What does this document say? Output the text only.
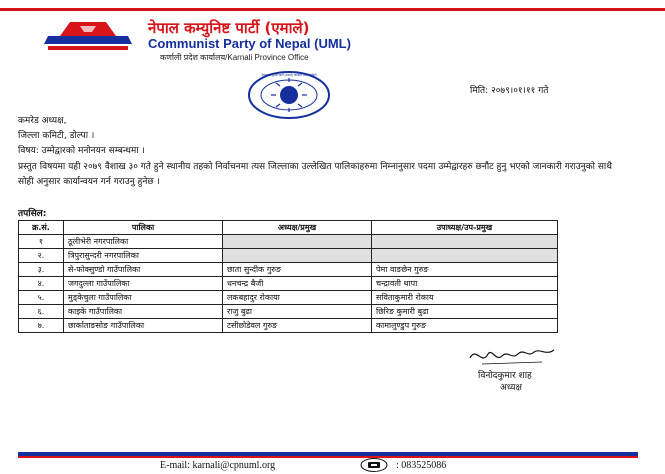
नेपाल कम्युनिष्ट पार्टी (एमाले)
Communist Party of Nepal (UML)
कर्णाली प्रदेश कार्यालय/Karnali Province Office
नेपाल कम्युनिष्ट पार्टी (एमाले) कर्णाली प्रदेश कमिटी
मिति: २०७९।०१।११ गते
कमरेड अध्यक्ष,
जिल्ला कमिटी, डोल्पा ।
विषय: उम्मेद्वारको मनोनयन सम्बन्धमा ।
प्रस्तुत विषयमा यही २०७९ वैशाख ३० गते हुने स्थानीय तहको निर्वाचनमा त्यस जिल्लाका उल्लेखित पालिकाहरुमा निम्नानुसार पदमा उम्मेद्वारहरु छनौट हुनु भएको जानकारी गराउनुको साथै सोही अनुसार कार्यान्वयन गर्न गराउनु हुनेछ ।
तपसिल:
क्र.सं.	पालिका	अध्यक्ष/प्रमुख	उपाध्यक्ष/उप-प्रमुख
१	ठूलीभेरी नगरपालिका		
२.	त्रिपुरासुन्दरी नगरपालिका		
३.	से-फोक्सुण्डो गाउँपालिका	छाता सुन्दीक गुरुङ	पेमा वाङछेन गुरुङ
४.	जगदुल्ला गाउँपालिका	धनचन्द्र बैजी	चन्द्रावती थापा
५.	मुड्केचुला गाउँपालिका	लकबहादुर रोकाया	सविताकुमारी रोकाय
६.	काइके गाउँपालिका	राजु बुढा	छिरिङ कुमारी बुढा
७.	छार्काताङसोङ गाउँपालिका	टसीछोडेवल गुरुङ	कामालुण्डुप गुरुङ
विनोदकुमार शाह
अध्यक्ष
E-mail: karnali@cpnuml.org	: 083525086
